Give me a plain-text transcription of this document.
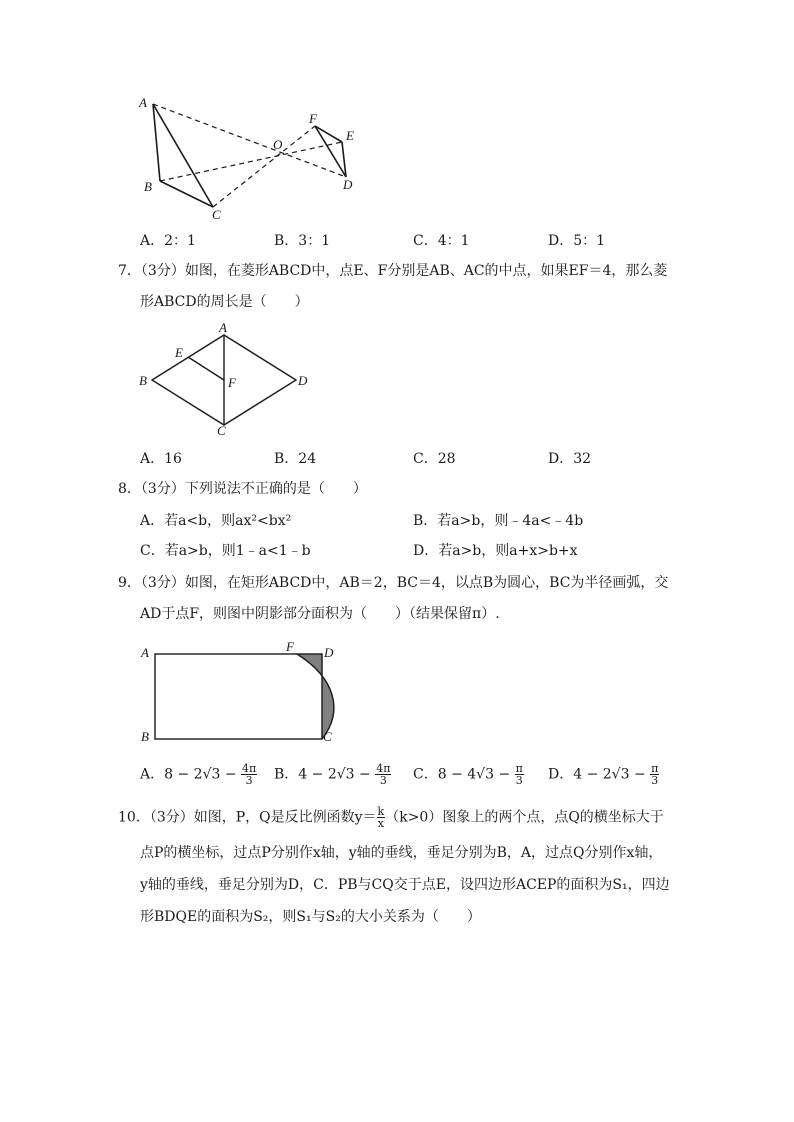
A
B
C
O
F
E
D
A．2：1	B．3：1	C．4：1	D．5：1
7．（3分）如图，在菱形ABCD中，点E、F分别是AB、AC的中点，如果EF＝4，那么菱
形ABCD的周长是（　　）
A
B
C
D
E
F
A．16	B．24	C．28	D．32
8．（3分）下列说法不正确的是（　　）
A．若a<b，则ax²<bx²	B．若a>b，则﹣4a<﹣4b
C．若a>b，则1﹣a<1﹣b	D．若a>b，则a+x>b+x
9．（3分）如图，在矩形ABCD中，AB＝2，BC＝4，以点B为圆心，BC为半径画弧，交
AD于点F，则图中阴影部分面积为（　　）（结果保留π）.
A
B	C
D
F
A．$8 - 2√3 - \frac{4\pi}{3}$ B．$4 - 2√3 - \frac{4\pi}{3}$ C．$8 - 4√3 - \frac{\pi}{3}$ D．$4 - 2√3 - \frac{\pi}{3}$
10．（3分）如图，P，Q是反比例函数$y= \frac{k}{x} (k>0)$图象上的两个点，点Q的横坐标大于
点P的横坐标，过点P分别作x轴，y轴的垂线，垂足分别为B，A，过点Q分别作x轴，
y轴的垂线，垂足分别为D，C．PB与CQ交于点E，设四边形ACEP的面积为S₁，四边
形BDQE的面积为S₂，则S₁与S₂的大小关系为（　　）
